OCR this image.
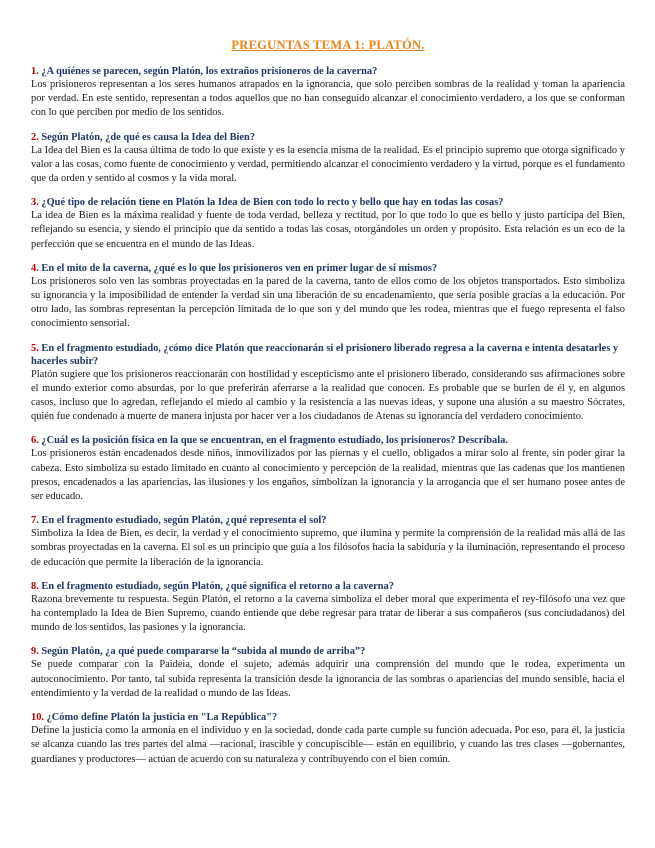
PREGUNTAS TEMA 1: PLATÓN.

1. ¿A quiénes se parecen, según Platón, los extraños prisioneros de la caverna?

Los prisioneros representan a los seres humanos atrapados en la ignorancia, que solo perciben sombras de la realidad y toman la apariencia por verdad. En este sentido, representan a todos aquellos que no han conseguido alcanzar el conocimiento verdadero, a los que se conforman con lo que perciben por medio de los sentidos.

2. Según Platón, ¿de qué es causa la Idea del Bien?

La Idea del Bien es la causa última de todo lo que existe y es la esencia misma de la realidad. Es el principio supremo que otorga significado y valor a las cosas, como fuente de conocimiento y verdad, permitiendo alcanzar el conocimiento verdadero y la virtud, porque es el fundamento que da orden y sentido al cosmos y la vida moral.

3. ¿Qué tipo de relación tiene en Platón la Idea de Bien con todo lo recto y bello que hay en todas las cosas?

La idea de Bien es la máxima realidad y fuente de toda verdad, belleza y rectitud, por lo que todo lo que es bello y justo participa del Bien, reflejando su esencia, y siendo el principio que da sentido a todas las cosas, otorgándoles un orden y propósito. Esta relación es un eco de la perfección que se encuentra en el mundo de las Ideas.

4. En el mito de la caverna, ¿qué es lo que los prisioneros ven en primer lugar de sí mismos?

Los prisioneros solo ven las sombras proyectadas en la pared de la caverna, tanto de ellos como de los objetos transportados. Esto simboliza su ignorancia y la imposibilidad de entender la verdad sin una liberación de su encadenamiento, que sería posible gracias a la educación. Por otro lado, las sombras representan la percepción limitada de lo que son y del mundo que les rodea, mientras que el fuego representa el falso conocimiento sensorial.

5. En el fragmento estudiado, ¿cómo dice Platón que reaccionarán si el prisionero liberado regresa a la caverna e intenta desatarles y hacerles subir?

Platón sugiere que los prisioneros reaccionarán con hostilidad y escepticismo ante el prisionero liberado, considerando sus afirmaciones sobre el mundo exterior como absurdas, por lo que preferirán aferrarse a la realidad que conocen. Es probable que se burlen de él y, en algunos casos, incluso que lo agredan, reflejando el miedo al cambio y la resistencia a las nuevas ideas, y supone una alusión a su maestro Sócrates, quién fue condenado a muerte de manera injusta por hacer ver a los ciudadanos de Atenas su ignorancia del verdadero conocimiento.

6. ¿Cuál es la posición física en la que se encuentran, en el fragmento estudiado, los prisioneros? Descríbala.

Los prisioneros están encadenados desde niños, inmovilizados por las piernas y el cuello, obligados a mirar solo al frente, sin poder girar la cabeza. Esto simboliza su estado limitado en cuanto al conocimiento y percepción de la realidad, mientras que las cadenas que los mantienen presos, encadenados a las apariencias, las ilusiones y los engaños, simbolizan la ignorancia y la arrogancia que el ser humano posee antes de ser educado.

7. En el fragmento estudiado, según Platón, ¿qué representa el sol?

Simboliza la Idea de Bien, es decir, la verdad y el conocimiento supremo, que ilumina y permite la comprensión de la realidad más allá de las sombras proyectadas en la caverna. El sol es un principio que guía a los filósofos hacia la sabiduría y la iluminación, representando el proceso de educación que permite la liberación de la ignorancia.

8. En el fragmento estudiado, según Platón, ¿qué significa el retorno a la caverna?

Razona brevemente tu respuesta. Según Platón, el retorno a la caverna simboliza el deber moral que experimenta el rey-filósofo una vez que ha contemplado la Idea de Bien Supremo, cuando entiende que debe regresar para tratar de liberar a sus compañeros (sus conciudadanos) del mundo de los sentidos, las pasiones y la ignorancia.

9. Según Platón, ¿a qué puede compararse la “subida al mundo de arriba”?

Se puede comparar con la Paideia, donde el sujeto, además adquirir una comprensión del mundo que le rodea, experimenta un autoconocimiento. Por tanto, tal subida representa la transición desde la ignorancia de las sombras o apariencias del mundo sensible, hacia el entendimiento y la verdad de la realidad o mundo de las Ideas.

10. ¿Cómo define Platón la justicia en "La República"?

Define la justicia como la armonía en el individuo y en la sociedad, donde cada parte cumple su función adecuada. Por eso, para él, la justicia se alcanza cuando las tres partes del alma —racional, irascible y concupiscible— están en equilibrio, y cuando las tres clases —gobernantes, guardianes y productores— actúan de acuerdo con su naturaleza y contribuyendo con el bien común.
